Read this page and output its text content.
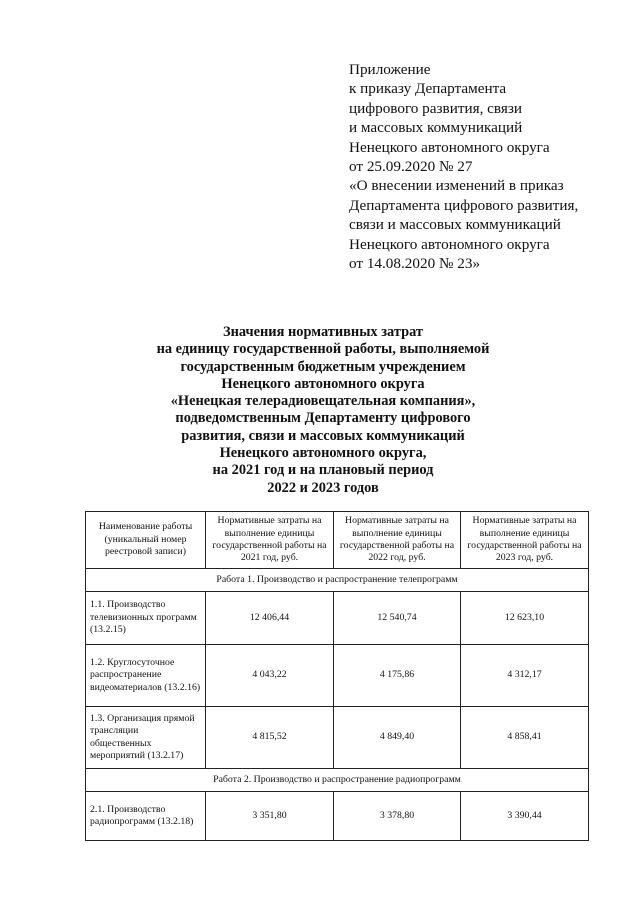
Приложение
к приказу Департамента
цифрового развития, связи
и массовых коммуникаций
Ненецкого автономного округа
от 25.09.2020 № 27
«О внесении изменений в приказ
Департамента цифрового развития,
связи и массовых коммуникаций
Ненецкого автономного округа
от 14.08.2020 № 23»
Значения нормативных затрат
на единицу государственной работы, выполняемой
государственным бюджетным учреждением
Ненецкого автономного округа
«Ненецкая телерадиовещательная компания»,
подведомственным Департаменту цифрового
развития, связи и массовых коммуникаций
Ненецкого автономного округа,
на 2021 год и на плановый период
2022 и 2023 годов
Наименование работы (уникальный номер реестровой записи)	Нормативные затраты на выполнение единицы государственной работы на 2021 год, руб.	Нормативные затраты на выполнение единицы государственной работы на 2022 год, руб.	Нормативные затраты на выполнение единицы государственной работы на 2023 год, руб.
Работа 1. Производство и распространение телепрограмм			
1.1. Производство телевизионных программ (13.2.15)	12 406,44	12 540,74	12 623,10
1.2. Круглосуточное распространение видеоматериалов (13.2.16)	4 043,22	4 175,86	4 312,17
1.3. Организация прямой трансляции общественных мероприятий (13.2.17)	4 815,52	4 849,40	4 858,41
Работа 2. Производство и распространение радиопрограмм			
2.1. Производство радиопрограмм (13.2.18)	3 351,80	3 378,80	3 390,44
